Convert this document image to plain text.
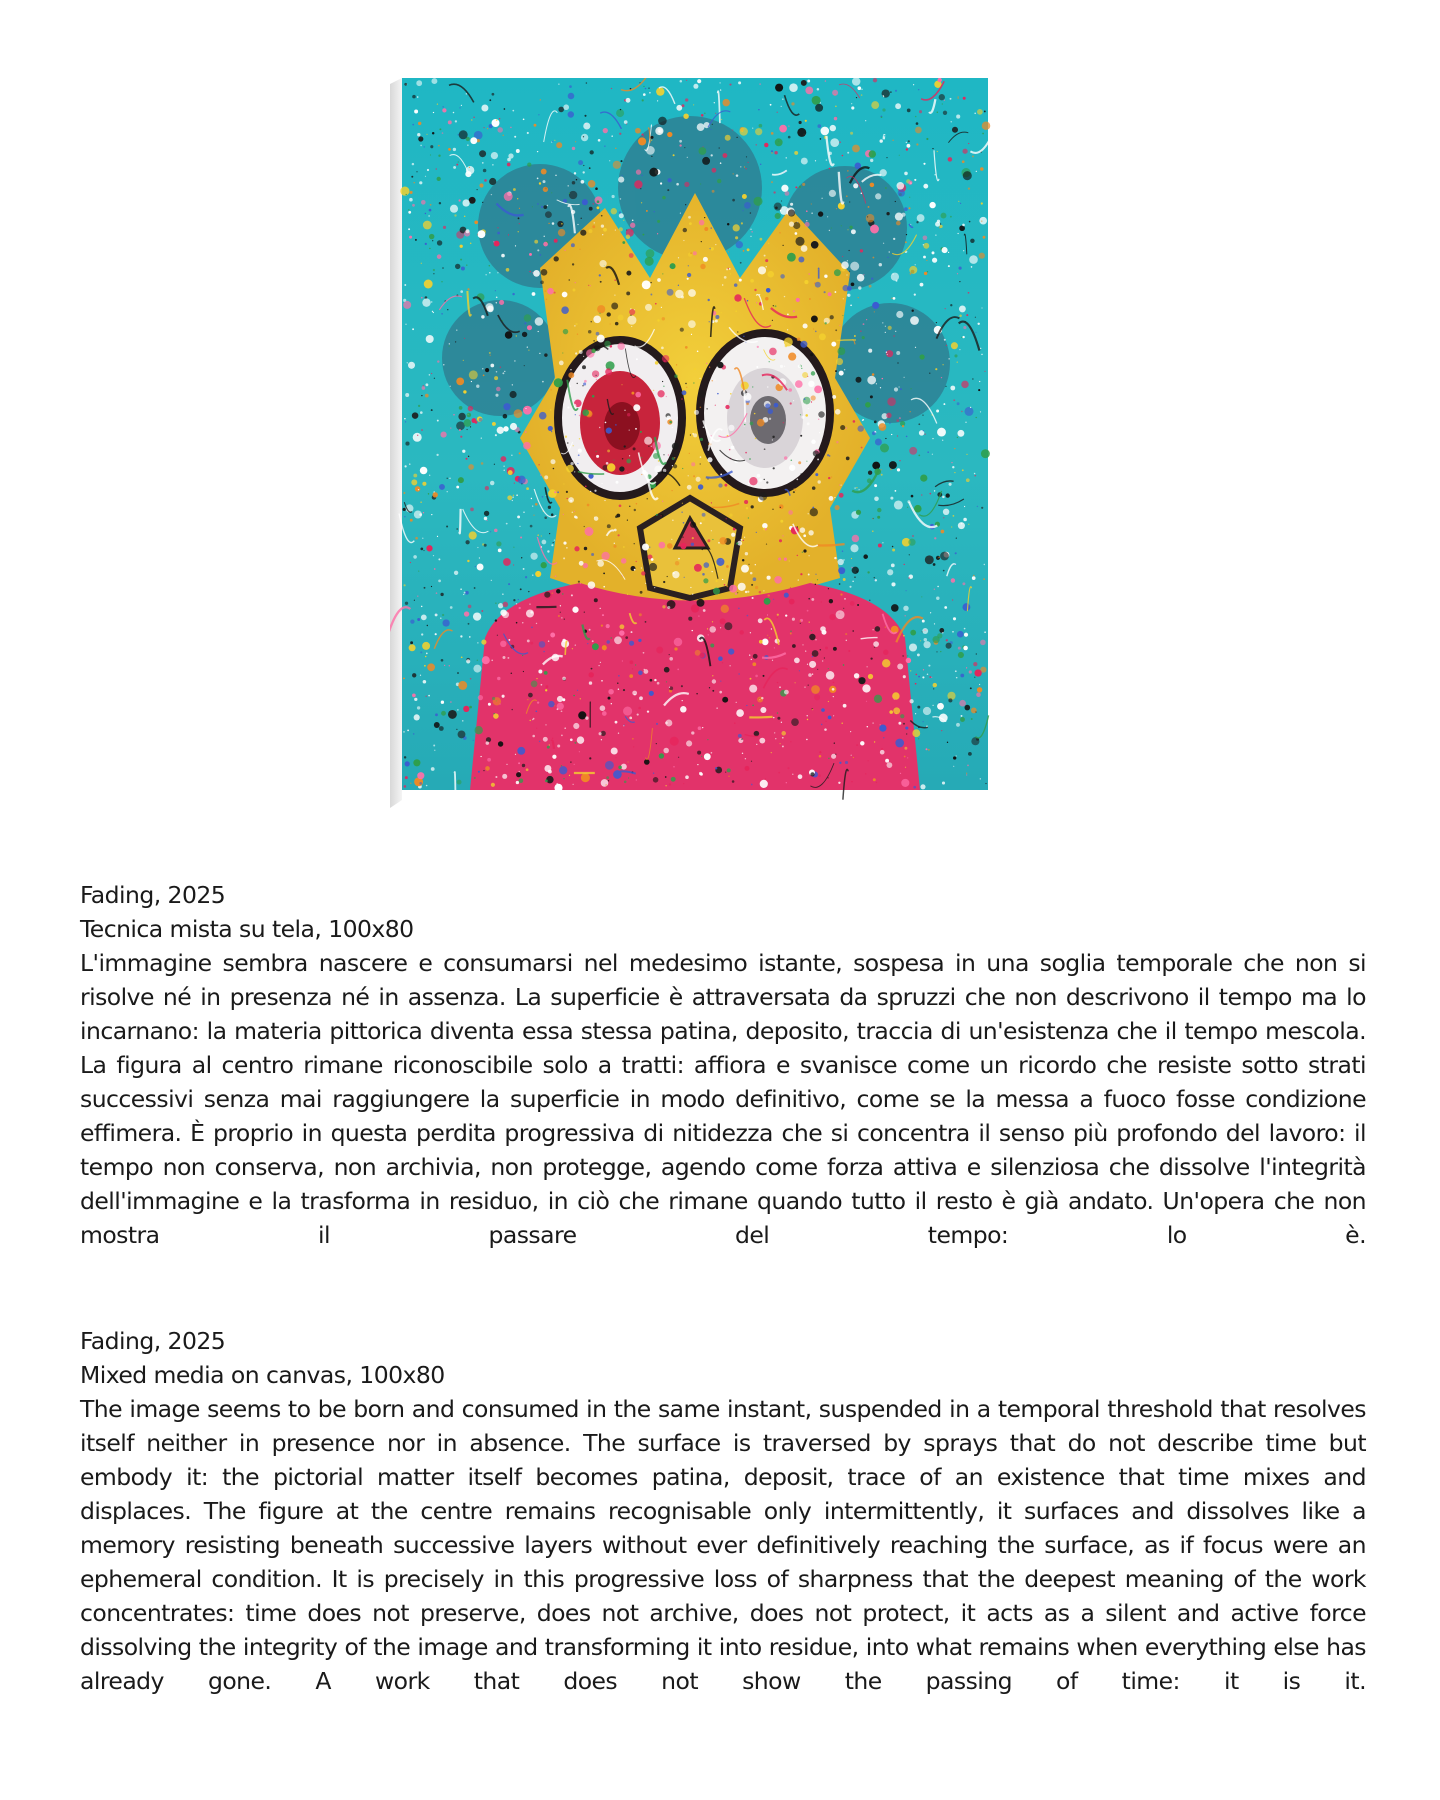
Fading, 2025
Tecnica mista su tela, 100x80

L'immagine sembra nascere e consumarsi nel medesimo istante, sospesa in una soglia temporale che non si risolve né in presenza né in assenza. La superficie è attraversata da spruzzi che non descrivono il tempo ma lo incarnano: la materia pittorica diventa essa stessa patina, deposito, traccia di un'esistenza che il tempo mescola. La figura al centro rimane riconoscibile solo a tratti: affiora e svanisce come un ricordo che resiste sotto strati successivi senza mai raggiungere la superficie in modo definitivo, come se la messa a fuoco fosse condizione effimera. È proprio in questa perdita progressiva di nitidezza che si concentra il senso più profondo del lavoro: il tempo non conserva, non archivia, non protegge, agendo come forza attiva e silenziosa che dissolve l'integrità dell'immagine e la trasforma in residuo, in ciò che rimane quando tutto il resto è già andato. Un'opera che non mostra il passare del tempo: lo è.

Fading, 2025
Mixed media on canvas, 100x80

The image seems to be born and consumed in the same instant, suspended in a temporal threshold that resolves itself neither in presence nor in absence. The surface is traversed by sprays that do not describe time but embody it: the pictorial matter itself becomes patina, deposit, trace of an existence that time mixes and displaces. The figure at the centre remains recognisable only intermittently, it surfaces and dissolves like a memory resisting beneath successive layers without ever definitively reaching the surface, as if focus were an ephemeral condition. It is precisely in this progressive loss of sharpness that the deepest meaning of the work concentrates: time does not preserve, does not archive, does not protect, it acts as a silent and active force dissolving the integrity of the image and transforming it into residue, into what remains when everything else has already gone. A work that does not show the passing of time: it is it.
